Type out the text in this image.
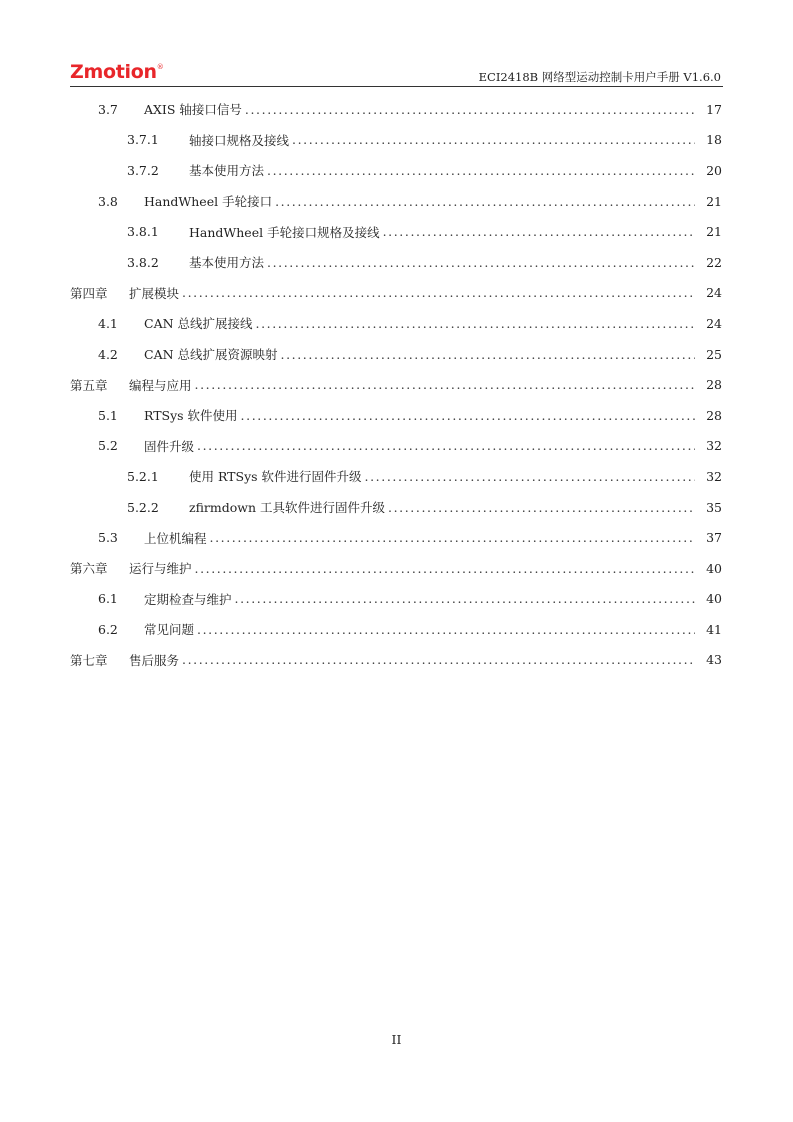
Zmotion®
ECI2418B 网络型运动控制卡用户手册 V1.6.0
3.7	AXIS 轴接口信号 .....	17
3.7.1	轴接口规格及接线 .....	18
3.7.2	基本使用方法 .....	20
3.8	HandWheel 手轮接口 .....	21
3.8.1	HandWheel 手轮接口规格及接线 .....	21
3.8.2	基本使用方法 .....	22
第四章	扩展模块 .....	24
4.1	CAN 总线扩展接线 .....	24
4.2	CAN 总线扩展资源映射 .....	25
第五章	编程与应用 .....	28
5.1	RTSys 软件使用 .....	28
5.2	固件升级 .....	32
5.2.1	使用 RTSys 软件进行固件升级 .....	32
5.2.2	zfirmdown 工具软件进行固件升级 .....	35
5.3	上位机编程 .....	37
第六章	运行与维护 .....	40
6.1	定期检查与维护 .....	40
6.2	常见问题 .....	41
第七章	售后服务 .....	43
II
